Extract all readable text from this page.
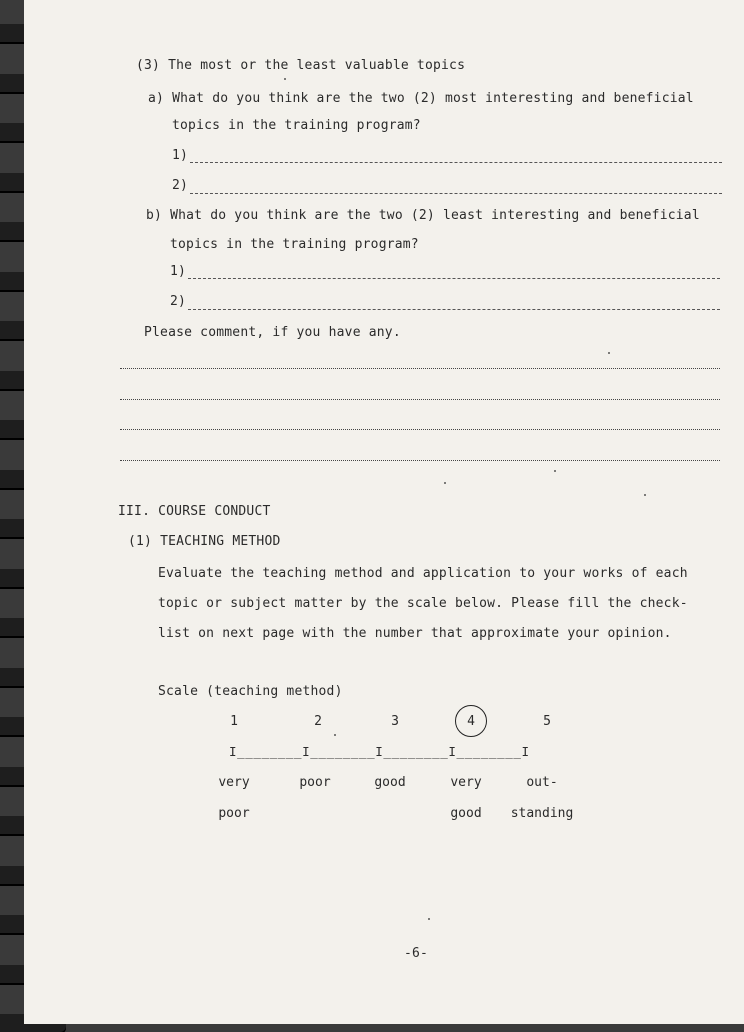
(3) The most or the least valuable topics
a) What do you think are the two (2) most interesting and beneficial
topics in the training program?
1)
2)
b) What do you think are the two (2) least interesting and beneficial
topics in the training program?
1)
2)
Please comment, if you have any.
III. COURSE CONDUCT
(1) TEACHING METHOD
Evaluate the teaching method and application to your works of each
topic or subject matter by the scale below. Please fill the check-
list on next page with the number that approximate your opinion.
Scale (teaching method)
1	2	3	4	5
I________I________I________I________I
very	poor	good	very	out-
poor	good	standing
-6-
